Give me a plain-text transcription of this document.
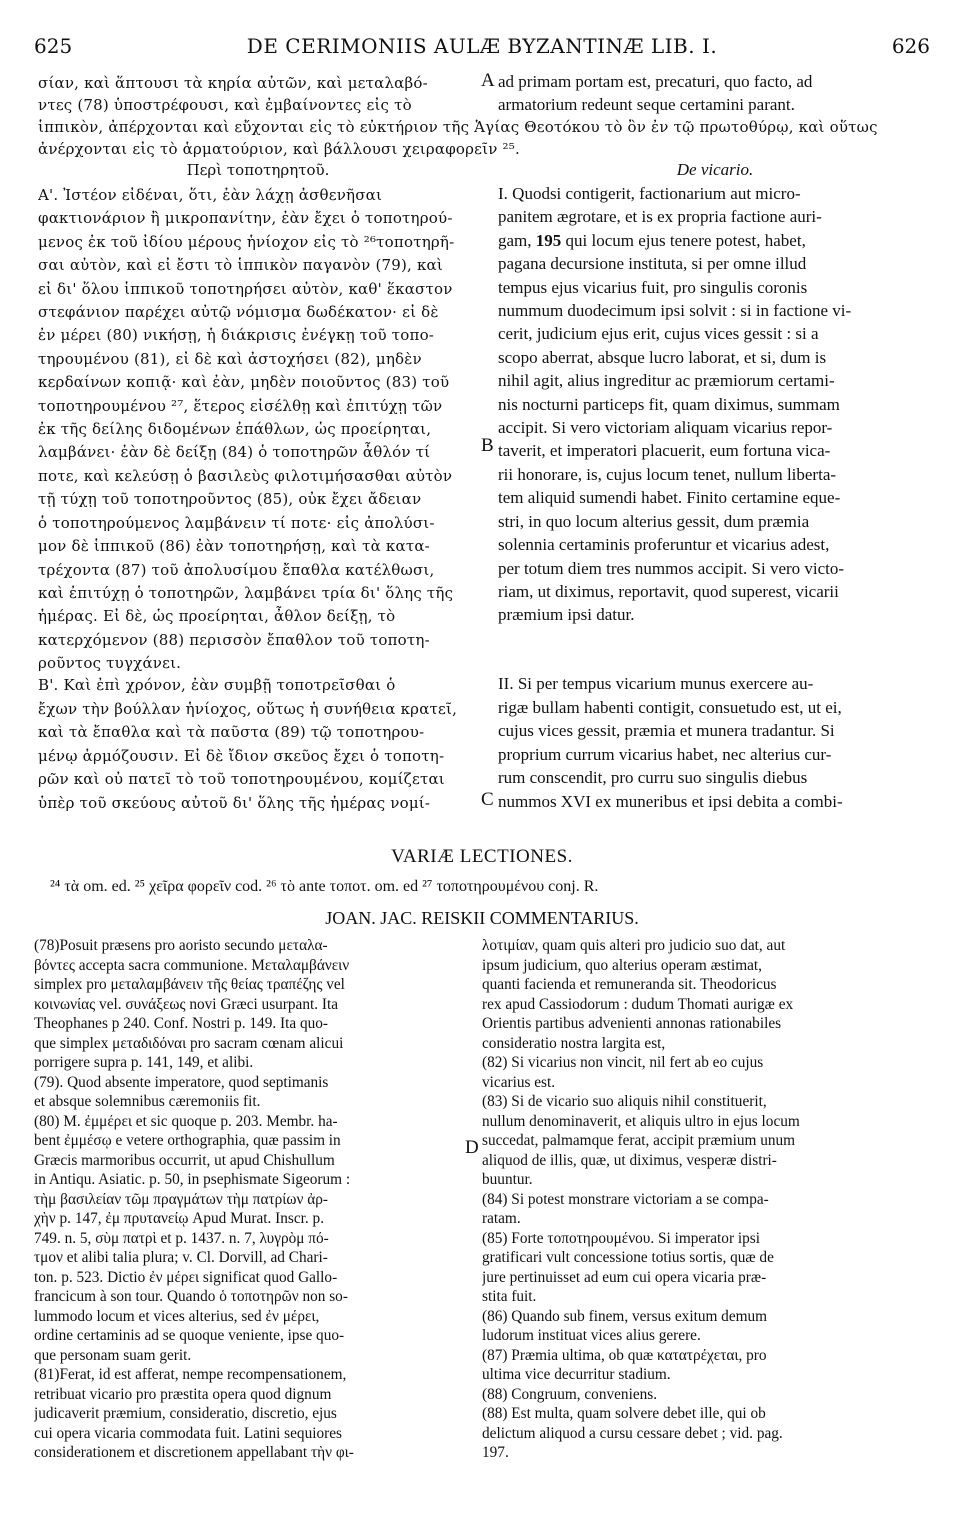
625	DE CERIMONIIS AULÆ BYZANTINÆ LIB. I.	626
σίαν, καὶ ἅπτουσι τὰ κηρία αὐτῶν, καὶ μεταλαβό-
ντες (78) ὑποστρέφουσι, καὶ ἐμβαίνοντες εἰς τὸ
ad primam portam est, precaturi, quo facto, ad
armatorium redeunt seque certamini parant.
ἱππικὸν, ἀπέρχονται καὶ εὔχονται εἰς τὸ εὐκτήριον τῆς Ἁγίας Θεοτόκου τὸ ὂν ἐν τῷ πρωτοθύρῳ, καὶ οὕτως
ἀνέρχονται εἰς τὸ ἁρματούριον, καὶ βάλλουσι χειραφορεῖν ²⁵.
Περὶ τοποτηρητοῦ.	De vicario.
Α'. Ἰστέον εἰδέναι, ὅτι, ἐὰν λάχῃ ἀσθενῆσαι
φακτιονάριον ἢ μικροπανίτην, ἐὰν ἔχει ὁ τοποτηρού-
μενος ἐκ τοῦ ἰδίου μέρους ἡνίοχον εἰς τὸ ²⁶τοποτηρῆ-
σαι αὐτὸν, καὶ εἰ ἔστι τὸ ἱππικὸν παγανὸν (79), καὶ
εἰ δι' ὅλου ἱππικοῦ τοποτηρήσει αὐτὸν, καθ' ἕκαστον
στεφάνιον παρέχει αὐτῷ νόμισμα δωδέκατον· εἰ δὲ
ἐν μέρει (80) νικήσῃ, ἡ διάκρισις ἐνέγκῃ τοῦ τοπο-
τηρουμένου (81), εἰ δὲ καὶ ἀστοχήσει (82), μηδὲν
κερδαίνων κοπιᾷ· καὶ ἐὰν, μηδὲν ποιοῦντος (83) τοῦ
τοποτηρουμένου ²⁷, ἕτερος εἰσέλθῃ καὶ ἐπιτύχῃ τῶν
ἐκ τῆς δείλης διδομένων ἐπάθλων, ὡς προείρηται,
λαμβάνει· ἐὰν δὲ δείξῃ (84) ὁ τοποτηρῶν ἆθλόν τί
ποτε, καὶ κελεύσῃ ὁ βασιλεὺς φιλοτιμήσασθαι αὐτὸν
τῇ τύχῃ τοῦ τοποτηροῦντος (85), οὐκ ἔχει ἄδειαν
ὁ τοποτηρούμενος λαμβάνειν τί ποτε· εἰς ἀπολύσι-
μον δὲ ἱππικοῦ (86) ἐὰν τοποτηρήσῃ, καὶ τὰ κατα-
τρέχοντα (87) τοῦ ἀπολυσίμου ἔπαθλα κατέλθωσι,
καὶ ἐπιτύχῃ ὁ τοποτηρῶν, λαμβάνει τρία δι' ὅλης τῆς
ἡμέρας. Εἰ δὲ, ὡς προείρηται, ἆθλον δείξῃ, τὸ
κατερχόμενον (88) περισσὸν ἔπαθλον τοῦ τοποτη-
ροῦντος τυγχάνει.
I. Quodsi contigerit, factionarium aut micro-
panitem ægrotare, et is ex propria factione auri-
gam, 195 qui locum ejus tenere potest, habet,
pagana decursione instituta, si per omne illud
tempus ejus vicarius fuit, pro singulis coronis
nummum duodecimum ipsi solvit : si in factione vi-
cerit, judicium ejus erit, cujus vices gessit : si a
scopo aberrat, absque lucro laborat, et si, dum is
nihil agit, alius ingreditur ac præmiorum certami-
nis nocturni particeps fit, quam diximus, summam
accipit. Si vero victoriam aliquam vicarius repor-
taverit, et imperatori placuerit, eum fortuna vica-
rii honorare, is, cujus locum tenet, nullum liberta-
tem aliquid sumendi habet. Finito certamine eque-
stri, in quo locum alterius gessit, dum præmia
solennia certaminis proferuntur et vicarius adest,
per totum diem tres nummos accipit. Si vero victo-
riam, ut diximus, reportavit, quod superest, vicarii
præmium ipsi datur.
Β'. Καὶ ἐπὶ χρόνον, ἐὰν συμβῇ τοποτρεῖσθαι ὁ
ἔχων τὴν βούλλαν ἡνίοχος, οὕτως ἡ συνήθεια κρατεῖ,
καὶ τὰ ἔπαθλα καὶ τὰ παῦστα (89) τῷ τοποτηρου-
μένῳ ἁρμόζουσιν. Εἰ δὲ ἴδιον σκεῦος ἔχει ὁ τοποτη-
ρῶν καὶ οὐ πατεῖ τὸ τοῦ τοποτηρουμένου, κομίζεται
ὑπὲρ τοῦ σκεύους αὐτοῦ δι' ὅλης τῆς ἡμέρας νομί-
II. Si per tempus vicarium munus exercere au-
rigæ bullam habenti contigit, consuetudo est, ut ei,
cujus vices gessit, præmia et munera tradantur. Si
proprium currum vicarius habet, nec alterius cur-
rum conscendit, pro curru suo singulis diebus
nummos XVI ex muneribus et ipsi debita a combi-
A
B
C
D
VARIÆ LECTIONES.
²⁴ τὰ om. ed. ²⁵ χεῖρα φορεῖν cod. ²⁶ τὸ ante τοποτ. om. ed ²⁷ τοποτηρουμένου conj. R.
JOAN. JAC. REISKII COMMENTARIUS.
(78)Posuit præsens pro aoristo secundo μεταλα-
βόντες accepta sacra communione. Μεταλαμβάνειν
simplex pro μεταλαμβάνειν τῆς θείας τραπέζης vel
κοινωνίας vel. συνάξεως novi Græci usurpant. Ita
Theophanes p 240. Conf. Nostri p. 149. Ita quo-
que simplex μεταδιδόναι pro sacram cœnam alicui
porrigere supra p. 141, 149, et alibi.
(79). Quod absente imperatore, quod septimanis
et absque solemnibus cæremoniis fit.
(80) M. ἐμμέρει et sic quoque p. 203. Membr. ha-
bent ἐμμέσῳ e vetere orthographia, quæ passim in
Græcis marmoribus occurrit, ut apud Chishullum
in Antiqu. Asiatic. p. 50, in psephismate Sigeorum :
τὴμ βασιλείαν τῶμ πραγμάτων τὴμ πατρίων ἀρ-
χὴν p. 147, ἐμ πρυτανείῳ Apud Murat. Inscr. p.
749. n. 5, σὺμ πατρὶ et p. 1437. n. 7, λυγρὸμ πό-
τμον et alibi talia plura; v. Cl. Dorvill, ad Chari-
ton. p. 523. Dictio ἐν μέρει significat quod Gallo-
francicum à son tour. Quando ὁ τοποτηρῶν non so-
lummodo locum et vices alterius, sed ἐν μέρει,
ordine certaminis ad se quoque veniente, ipse quo-
que personam suam gerit.
(81)Ferat, id est afferat, nempe recompensationem,
retribuat vicario pro præstita opera quod dignum
judicaverit præmium, consideratio, discretio, ejus
cui opera vicaria commodata fuit. Latini sequiores
considerationem et discretionem appellabant τὴν φι-
λοτιμίαν, quam quis alteri pro judicio suo dat, aut
ipsum judicium, quo alterius operam æstimat,
quanti facienda et remuneranda sit. Theodoricus
rex apud Cassiodorum : dudum Thomati aurigæ ex
Orientis partibus advenienti annonas rationabiles
consideratio nostra largita est,
(82) Si vicarius non vincit, nil fert ab eo cujus
vicarius est.
(83) Si de vicario suo aliquis nihil constituerit,
nullum denominaverit, et aliquis ultro in ejus locum
succedat, palmamque ferat, accipit præmium unum
aliquod de illis, quæ, ut diximus, vesperæ distri-
buuntur.
(84) Si potest monstrare victoriam a se compa-
ratam.
(85) Forte τοποτηρουμένου. Si imperator ipsi
gratificari vult concessione totius sortis, quæ de
jure pertinuisset ad eum cui opera vicaria præ-
stita fuit.
(86) Quando sub finem, versus exitum demum
ludorum instituat vices alius gerere.
(87) Præmia ultima, ob quæ κατατρέχεται, pro
ultima vice decurritur stadium.
(88) Congruum, conveniens.
(88) Est multa, quam solvere debet ille, qui ob
delictum aliquod a cursu cessare debet ; vid. pag.
197.
